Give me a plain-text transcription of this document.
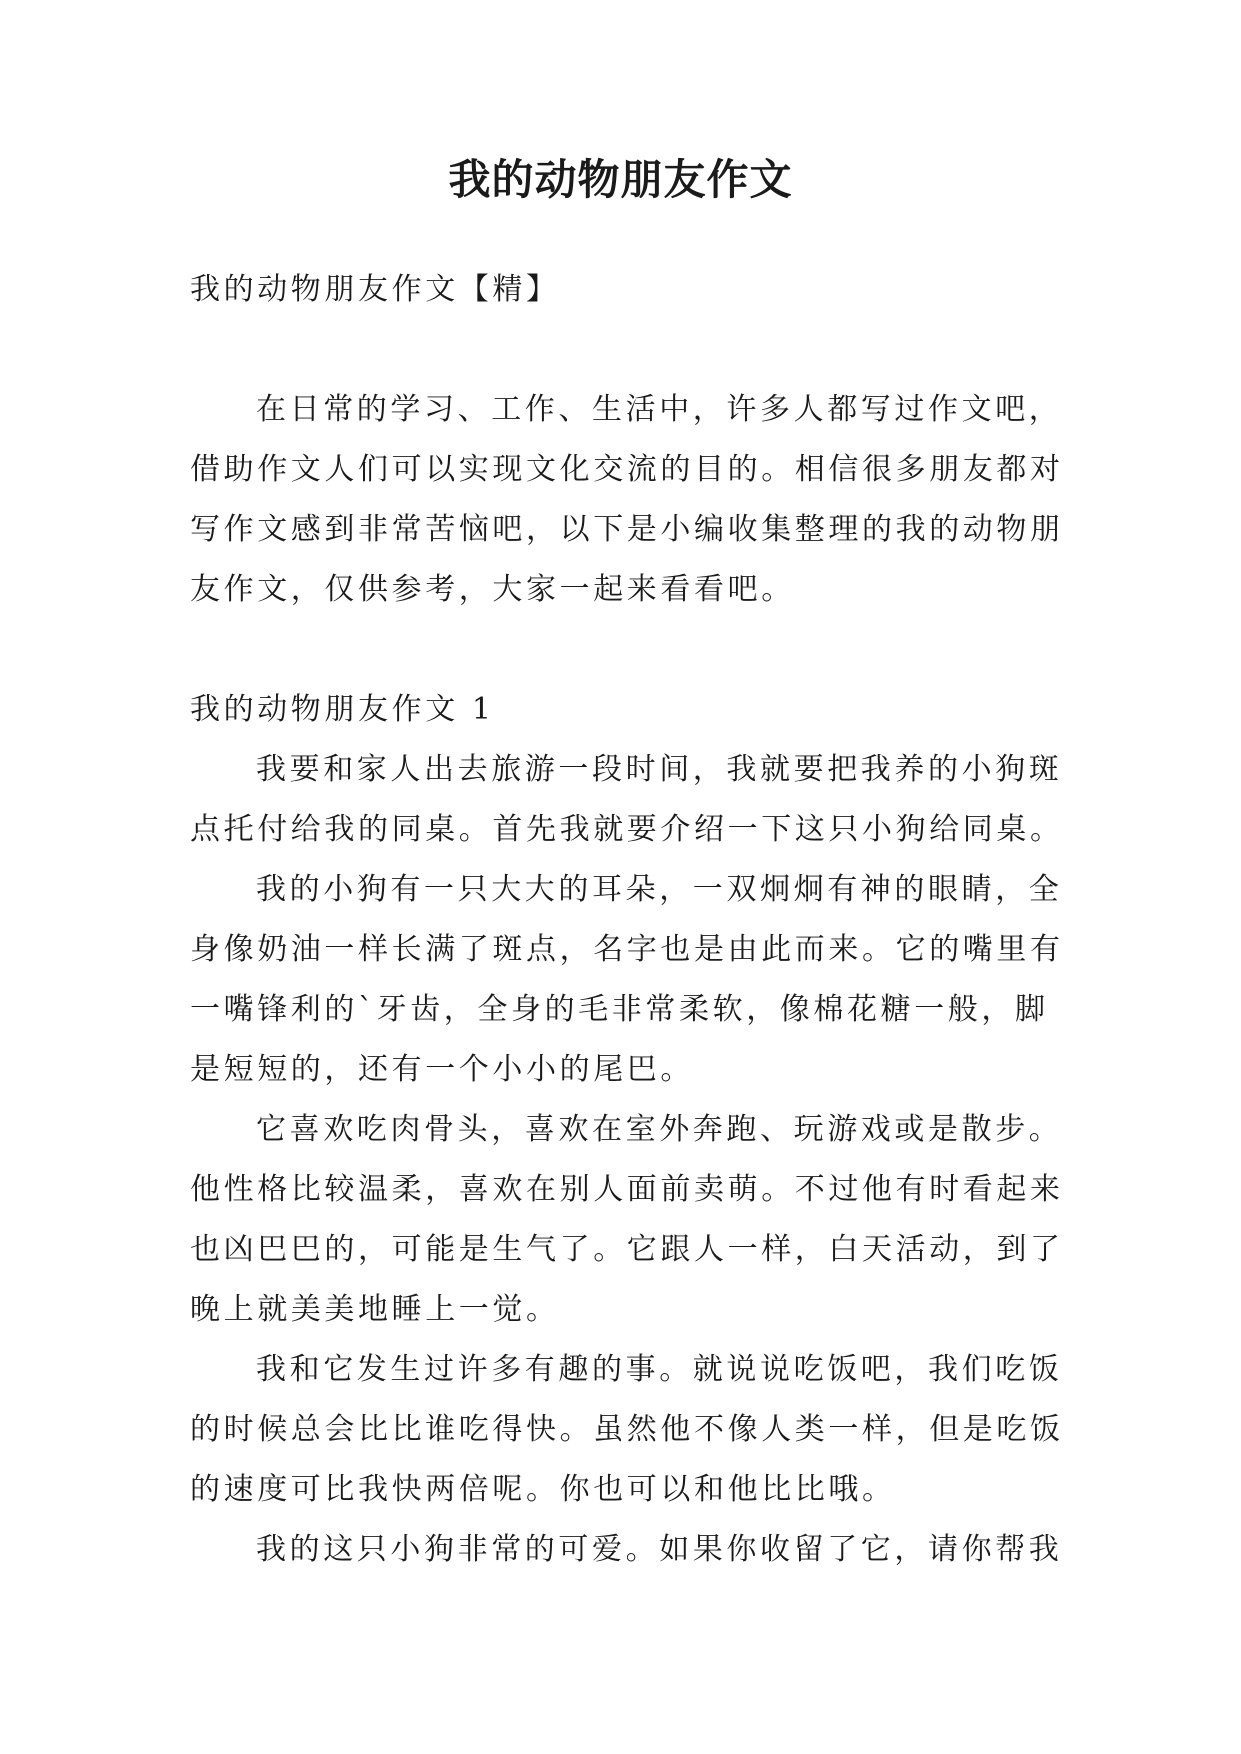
我的动物朋友作文

我的动物朋友作文【精】

在日常的学习、工作、生活中，许多人都写过作文吧，

借助作文人们可以实现文化交流的目的。相信很多朋友都对

写作文感到非常苦恼吧，以下是小编收集整理的我的动物朋

友作文，仅供参考，大家一起来看看吧。

我的动物朋友作文 1

我要和家人出去旅游一段时间，我就要把我养的小狗斑

点托付给我的同桌。首先我就要介绍一下这只小狗给同桌。

我的小狗有一只大大的耳朵，一双炯炯有神的眼睛，全

身像奶油一样长满了斑点，名字也是由此而来。它的嘴里有

一嘴锋利的`牙齿，全身的毛非常柔软，像棉花糖一般，脚

是短短的，还有一个小小的尾巴。

它喜欢吃肉骨头，喜欢在室外奔跑、玩游戏或是散步。

他性格比较温柔，喜欢在别人面前卖萌。不过他有时看起来

也凶巴巴的，可能是生气了。它跟人一样，白天活动，到了

晚上就美美地睡上一觉。

我和它发生过许多有趣的事。就说说吃饭吧，我们吃饭

的时候总会比比谁吃得快。虽然他不像人类一样，但是吃饭

的速度可比我快两倍呢。你也可以和他比比哦。

我的这只小狗非常的可爱。如果你收留了它，请你帮我
